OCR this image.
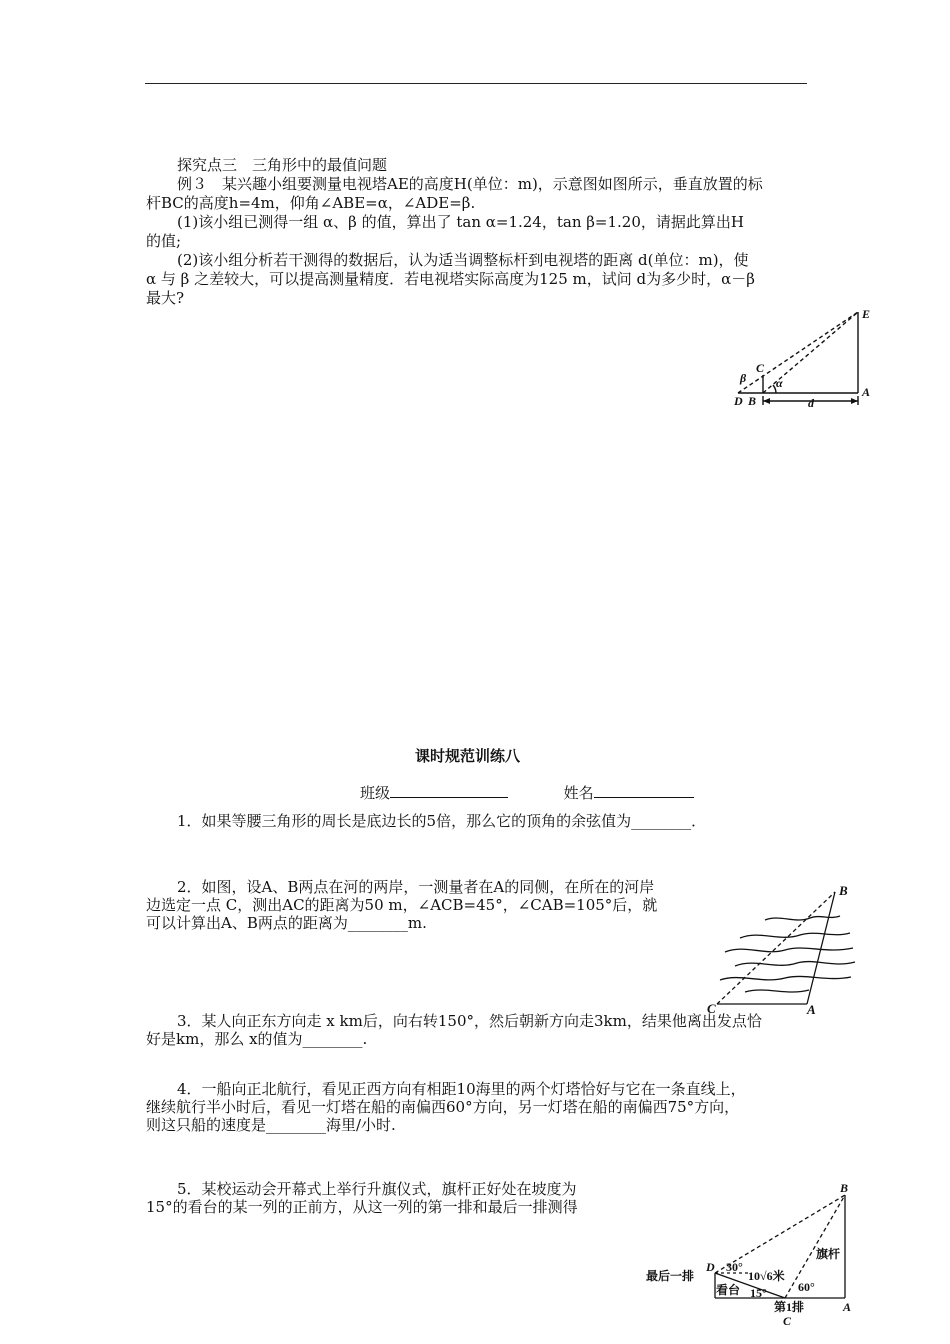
探究点三　三角形中的最值问题
例３　某兴趣小组要测量电视塔AE的高度H(单位：m)，示意图如图所示，垂直放置的标
杆BC的高度h=4m，仰角∠ABE=α，∠ADE=β.
(1)该小组已测得一组 α、β 的值，算出了 tan α=1.24，tan β=1.20，请据此算出H
的值;
(2)该小组分析若干测得的数据后，认为适当调整标杆到电视塔的距离 d(单位：m)，使
α 与 β 之差较大，可以提高测量精度．若电视塔实际高度为125 m，试问 d为多少时，α－β
最大?
E
C
β α
A
D B	d
课时规范训练八
班级	姓名
1．如果等腰三角形的周长是底边长的5倍，那么它的顶角的余弦值为________．
2．如图，设A、B两点在河的两岸，一测量者在A的同侧，在所在的河岸
边选定一点 C，测出AC的距离为50 m，∠ACB=45°，∠CAB=105°后，就
可以计算出A、B两点的距离为________m.
B
C	A
3．某人向正东方向走 x km后，向右转150°，然后朝新方向走3km，结果他离出发点恰
好是km，那么 x的值为________.
4．一船向正北航行，看见正西方向有相距10海里的两个灯塔恰好与它在一条直线上，
继续航行半小时后，看见一灯塔在船的南偏西60°方向，另一灯塔在船的南偏西75°方向，
则这只船的速度是________海里/小时.
5．某校运动会开幕式上举行升旗仪式，旗杆正好处在坡度为
15°的看台的某一列的正前方，从这一列的第一排和最后一排测得
B
D 30°
10√6米
旗杆
最后一排
看台 15°	60°
第1排	A
C
